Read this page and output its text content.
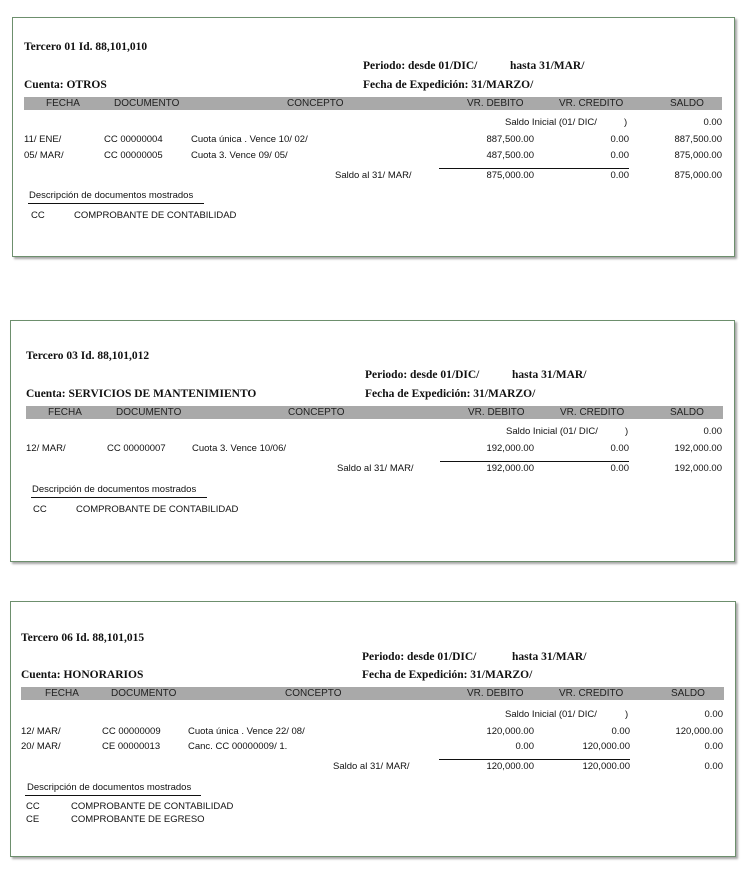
Tercero 01 Id. 88,101,010
Periodo: desde 01/DIC/	hasta 31/MAR/
Cuenta: OTROS	Fecha de Expedición: 31/MARZO/
FECHA	DOCUMENTO	CONCEPTO	VR. DEBITO	VR. CREDITO	SALDO
Saldo Inicial (01/ DIC/	)	0.00
11/ ENE/	CC 00000004	Cuota única . Vence 10/ 02/	887,500.00	0.00	887,500.00
05/ MAR/	CC 00000005	Cuota 3. Vence 09/ 05/	487,500.00	0.00	875,000.00
Saldo al 31/ MAR/	875,000.00	0.00	875,000.00
Descripción de documentos mostrados
CC	COMPROBANTE DE CONTABILIDAD
Tercero 03 Id. 88,101,012
Periodo: desde 01/DIC/	hasta 31/MAR/
Cuenta: SERVICIOS DE MANTENIMIENTO	Fecha de Expedición: 31/MARZO/
FECHA	DOCUMENTO	CONCEPTO	VR. DEBITO	VR. CREDITO	SALDO
Saldo Inicial (01/ DIC/	)	0.00
12/ MAR/	CC 00000007	Cuota 3. Vence 10/06/	192,000.00	0.00	192,000.00
Saldo al 31/ MAR/	192,000.00	0.00	192,000.00
Descripción de documentos mostrados
CC	COMPROBANTE DE CONTABILIDAD
Tercero 06 Id. 88,101,015
Periodo: desde 01/DIC/	hasta 31/MAR/
Cuenta: HONORARIOS	Fecha de Expedición: 31/MARZO/
FECHA	DOCUMENTO	CONCEPTO	VR. DEBITO	VR. CREDITO	SALDO
Saldo Inicial (01/ DIC/	)	0.00
12/ MAR/	CC 00000009	Cuota única . Vence 22/ 08/	120,000.00	0.00	120,000.00
20/ MAR/	CE 00000013	Canc. CC 00000009/ 1.	0.00	120,000.00	0.00
Saldo al 31/ MAR/	120,000.00	120,000.00	0.00
Descripción de documentos mostrados
CC	COMPROBANTE DE CONTABILIDAD
CE	COMPROBANTE DE EGRESO
